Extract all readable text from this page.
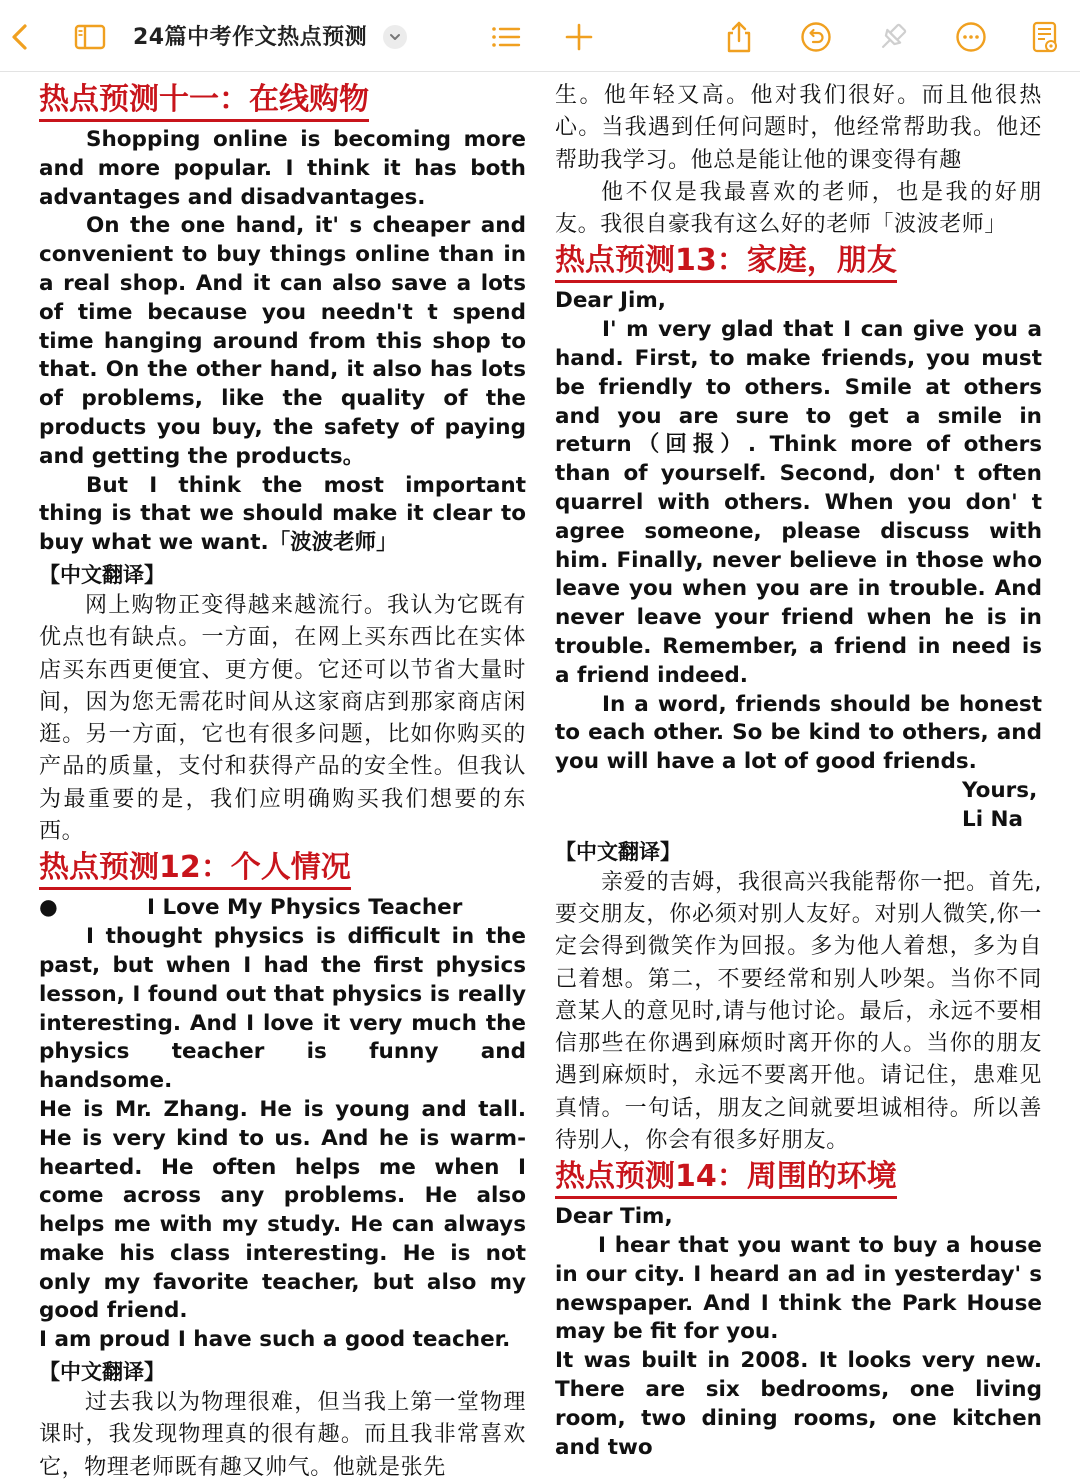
24篇中考作文热点预测
热点预测十一：在线购物

Shopping online is becoming more and more popular. I think it has both advantages and disadvantages.

On the one hand, it' s cheaper and convenient to buy things online than in a real shop. And it can also save a lots of time because you needn't t spend time hanging around from this shop to that. On the other hand, it also has lots of problems, like the quality of the products you buy, the safety of paying and getting the products。

But I think the most important thing is that we should make it clear to buy what we want.「波波老师」

【中文翻译】

网上购物正变得越来越流行。我认为它既有优点也有缺点。一方面，在网上买东西比在实体店买东西更便宜、更方便。它还可以节省大量时间，因为您无需花时间从这家商店到那家商店闲逛。另一方面，它也有很多问题，比如你购买的产品的质量，支付和获得产品的安全性。但我认为最重要的是，我们应明确购买我们想要的东西。

热点预测12：个人情况
●	I Love My Physics Teacher

I thought physics is difficult in the past, but when I had the first physics lesson, I found out that physics is really interesting. And I love it very much the physics teacher is funny and handsome.

He is Mr. Zhang. He is young and tall. He is very kind to us. And he is warm-hearted. He often helps me when I come across any problems. He also helps me with my study. He can always make his class interesting. He is not only my favorite teacher, but also my good friend.

I am proud I have such a good teacher.

【中文翻译】

过去我以为物理很难，但当我上第一堂物理课时，我发现物理真的很有趣。而且我非常喜欢它，物理老师既有趣又帅气。他就是张先

生。他年轻又高。他对我们很好。而且他很热心。当我遇到任何问题时，他经常帮助我。他还帮助我学习。他总是能让他的课变得有趣

他不仅是我最喜欢的老师，也是我的好朋友。我很自豪我有这么好的老师「波波老师」

热点预测13：家庭，朋友

Dear Jim,

I' m very glad that I can give you a hand. First, to make friends, you must be friendly to others. Smile at others and you are sure to get a smile in return（回报）. Think more of others than of yourself. Second, don' t often quarrel with others. When you don' t agree someone, please discuss with him. Finally, never believe in those who leave you when you are in trouble. And never leave your friend when he is in trouble. Remember, a friend in need is a friend indeed.

In a word, friends should be honest to each other. So be kind to others, and you will have a lot of good friends.

Yours,

Li Na

【中文翻译】

亲爱的吉姆，我很高兴我能帮你一把。首先,要交朋友，你必须对别人友好。对别人微笑,你一定会得到微笑作为回报。多为他人着想，多为自己着想。第二，不要经常和别人吵架。当你不同意某人的意见时,请与他讨论。最后，永远不要相信那些在你遇到麻烦时离开你的人。当你的朋友遇到麻烦时，永远不要离开他。请记住，患难见真情。一句话，朋友之间就要坦诚相待。所以善待别人，你会有很多好朋友。

热点预测14：周围的环境

Dear Tim,

I hear that you want to buy a house in our city. I heard an ad in yesterday' s newspaper. And I think the Park House may be fit for you.

It was built in 2008. It looks very new. There are six bedrooms, one living room, two dining rooms, one kitchen and two
